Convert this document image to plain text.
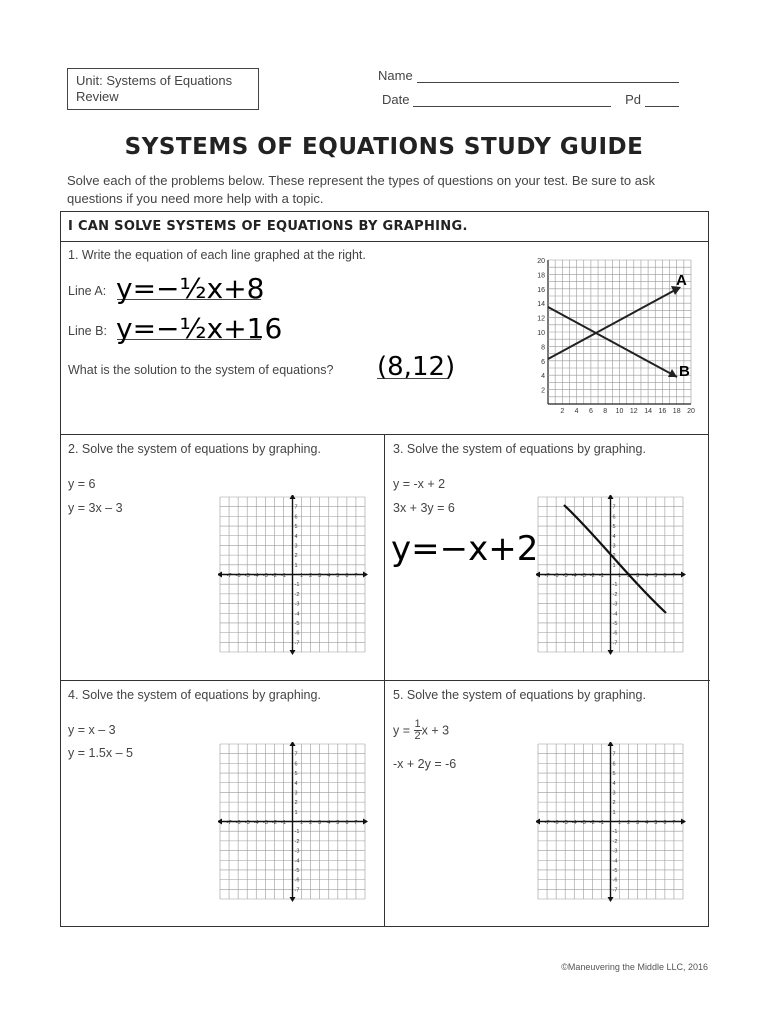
Unit: Systems of Equations
Review
Name
Date	Pd
SYSTEMS OF EQUATIONS STUDY GUIDE
Solve each of the problems below. These represent the types of questions on your test. Be sure to ask questions if you need more help with a topic.
I CAN SOLVE SYSTEMS OF EQUATIONS BY GRAPHING.
1. Write the equation of each line graphed at the right.
Line A:
Line B:
What is the solution to the system of equations?
y=−½x+8
y=−½x+16
(8,12)
20
18
16
14
12
10
8
6
4
2
2 4 6 8 10 12 14 16 18 20
A
B
2. Solve the system of equations by graphing.
y = 6
y = 3x – 3
-7 -6 -5 -4 -3 -2 -1	1 2 3 4 5 6 7
7
6
5
4
3
2
1
-1
-2
-3
-4
-5
-6
-7
3. Solve the system of equations by graphing.
y = -x + 2
3x + 3y = 6
y=−x+2
-7 -6 -5 -4 -3 -2 -1	1 2 3 4 5 6 7
7
6
5
4
3
2
1
-1
-2
-3
-4
-5
-6
-7
4. Solve the system of equations by graphing.
y = x – 3
y = 1.5x – 5
-7 -6 -5 -4 -3 -2 -1	1 2 3 4 5 6 7
7
6
5
4
3
2
1
-1
-2
-3
-4
-5
-6
-7
5. Solve the system of equations by graphing.
$y = \frac{1}{2}$ x + 3
-x + 2y = -6
-7 -6 -5 -4 -3 -2 -1	1 2 3 4 5 6 7
7
6
5
4
3
2
1
-1
-2
-3
-4
-5
-6
-7
©Maneuvering the Middle LLC, 2016
